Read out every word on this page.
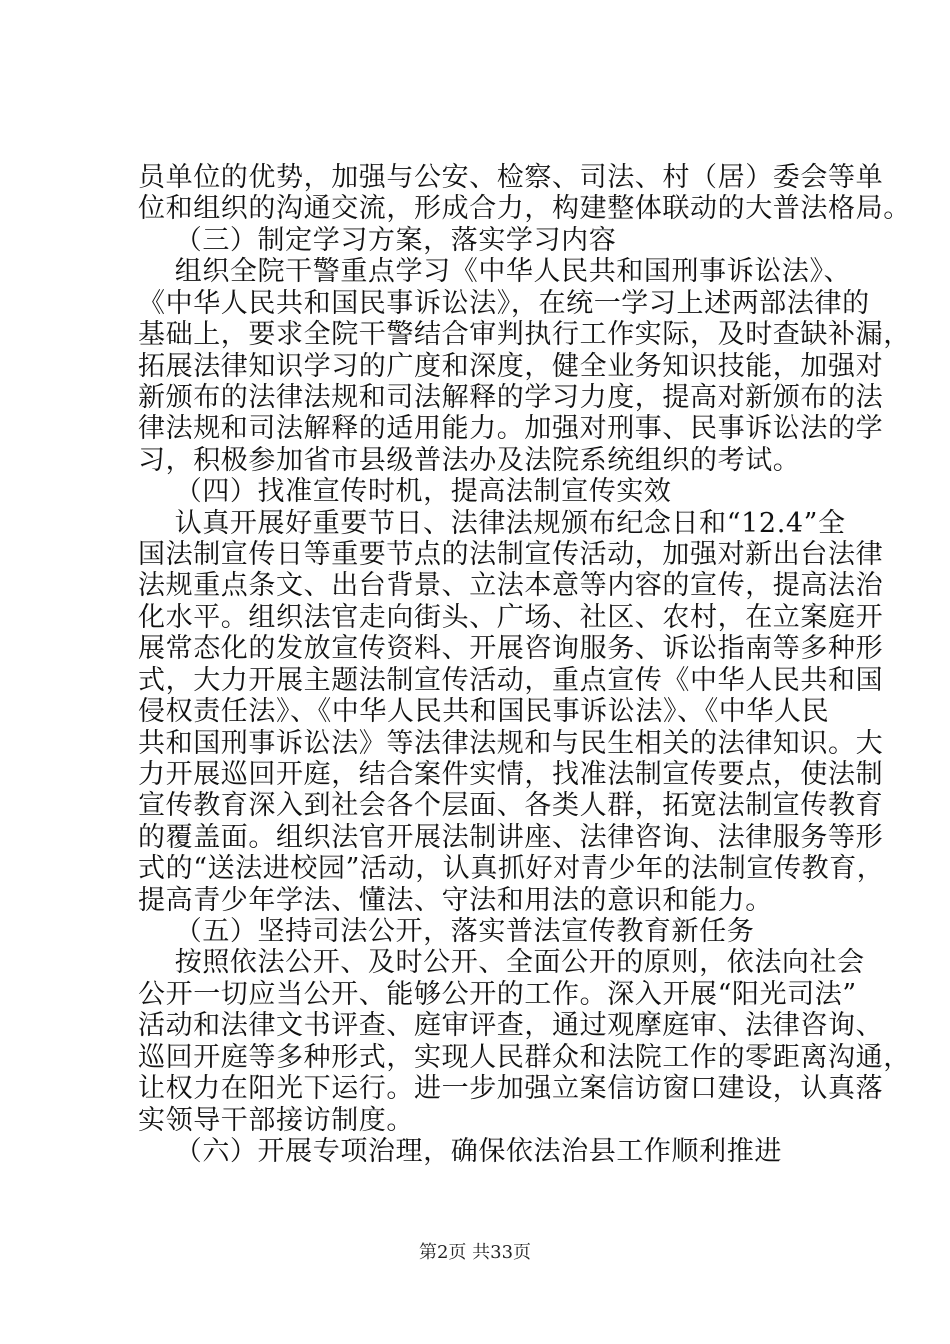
员单位的优势，加强与公安、检察、司法、村（居）委会等单
位和组织的沟通交流，形成合力，构建整体联动的大普法格局。
（三）制定学习方案，落实学习内容
组织全院干警重点学习《中华人民共和国刑事诉讼法》、
《中华人民共和国民事诉讼法》，在统一学习上述两部法律的
基础上，要求全院干警结合审判执行工作实际，及时查缺补漏，
拓展法律知识学习的广度和深度，健全业务知识技能，加强对
新颁布的法律法规和司法解释的学习力度，提高对新颁布的法
律法规和司法解释的适用能力。加强对刑事、民事诉讼法的学
习，积极参加省市县级普法办及法院系统组织的考试。
（四）找准宣传时机，提高法制宣传实效
认真开展好重要节日、法律法规颁布纪念日和“12.4”全
国法制宣传日等重要节点的法制宣传活动，加强对新出台法律
法规重点条文、出台背景、立法本意等内容的宣传，提高法治
化水平。组织法官走向街头、广场、社区、农村，在立案庭开
展常态化的发放宣传资料、开展咨询服务、诉讼指南等多种形
式，大力开展主题法制宣传活动，重点宣传《中华人民共和国
侵权责任法》、《中华人民共和国民事诉讼法》、《中华人民
共和国刑事诉讼法》等法律法规和与民生相关的法律知识。大
力开展巡回开庭，结合案件实情，找准法制宣传要点，使法制
宣传教育深入到社会各个层面、各类人群，拓宽法制宣传教育
的覆盖面。组织法官开展法制讲座、法律咨询、法律服务等形
式的“送法进校园”活动，认真抓好对青少年的法制宣传教育，
提高青少年学法、懂法、守法和用法的意识和能力。
（五）坚持司法公开，落实普法宣传教育新任务
按照依法公开、及时公开、全面公开的原则，依法向社会
公开一切应当公开、能够公开的工作。深入开展“阳光司法”
活动和法律文书评查、庭审评查，通过观摩庭审、法律咨询、
巡回开庭等多种形式，实现人民群众和法院工作的零距离沟通，
让权力在阳光下运行。进一步加强立案信访窗口建设，认真落
实领导干部接访制度。
（六）开展专项治理，确保依法治县工作顺利推进
第2页 共33页
